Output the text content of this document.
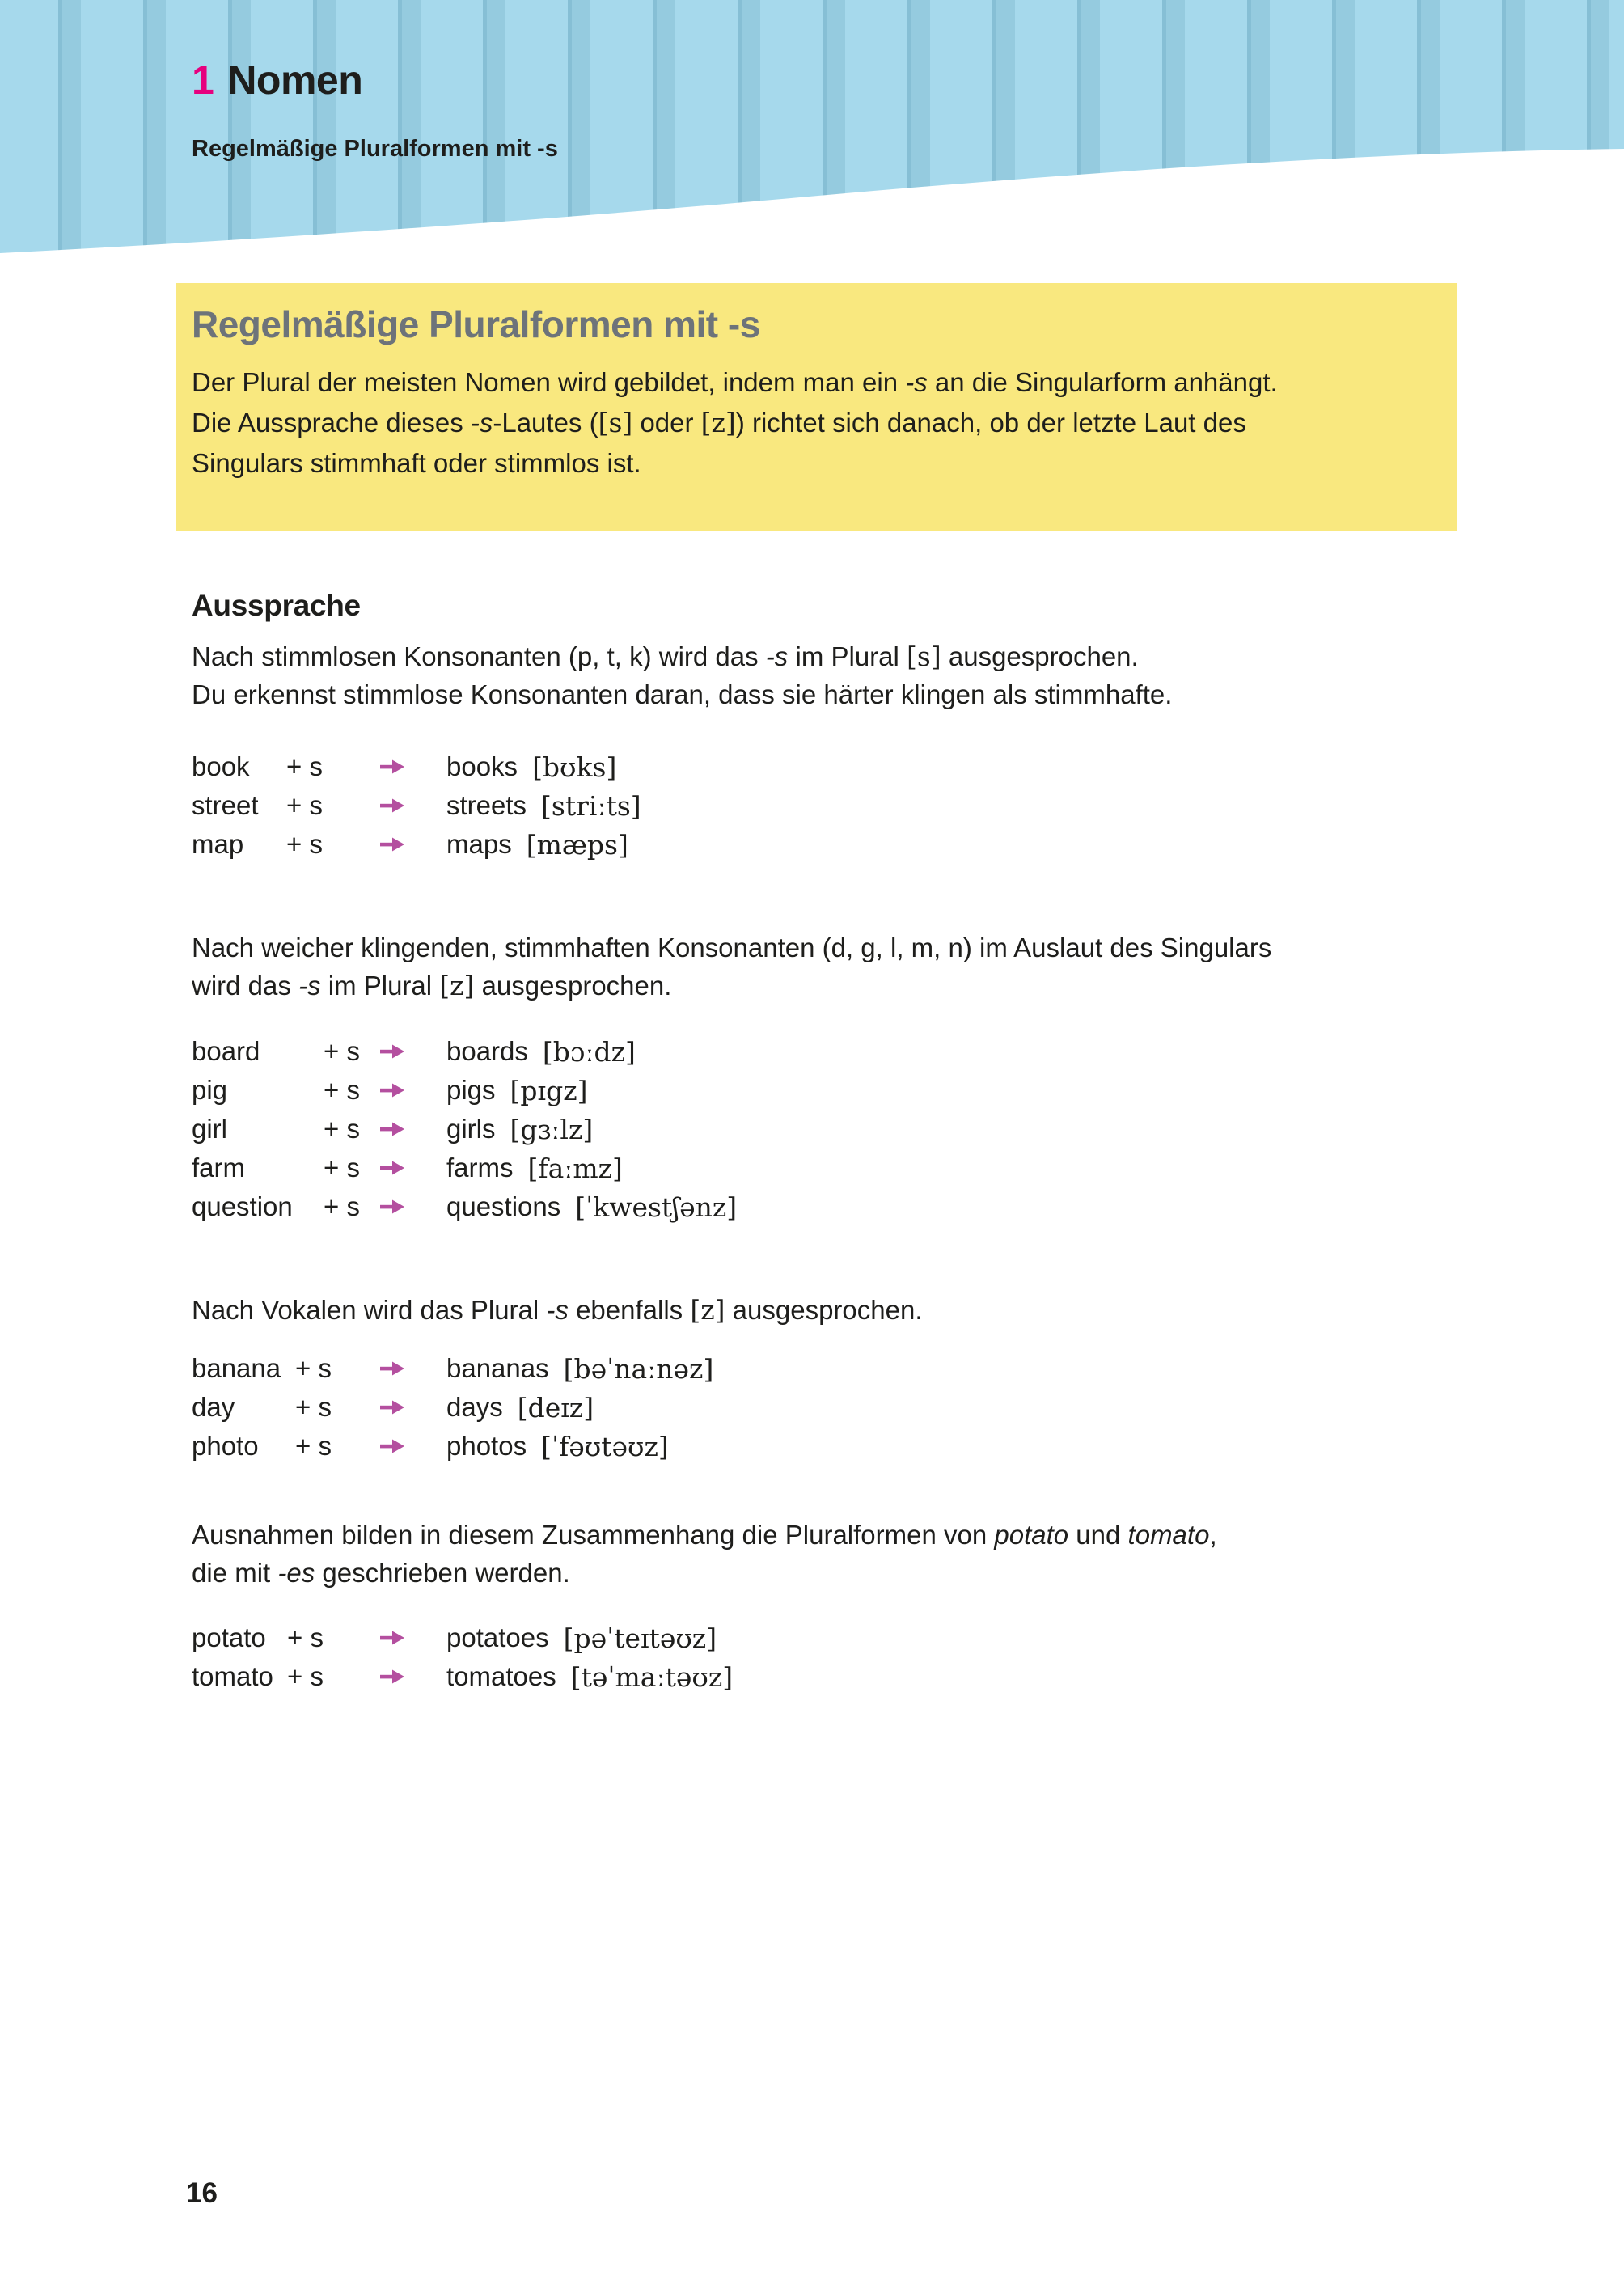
1 Nomen
Regelmäßige Pluralformen mit -s
Regelmäßige Pluralformen mit -s
Der Plural der meisten Nomen wird gebildet, indem man ein -s an die Singularform anhängt.
Die Aussprache dieses -s-Lautes ([s] oder [z]) richtet sich danach, ob der letzte Laut des
Singulars stimmhaft oder stimmlos ist.
Aussprache

Nach stimmlosen Konsonanten (p, t, k) wird das -s im Plural [s] ausgesprochen.
Du erkennst stimmlose Konsonanten daran, dass sie härter klingen als stimmhafte.

book	+ s	books [bʊks]
street	+ s	streets [striːts]
map	+ s	maps [mæps]

Nach weicher klingenden, stimmhaften Konsonanten (d, g, l, m, n) im Auslaut des Singulars
wird das -s im Plural [z] ausgesprochen.

board	+ s	boards [bɔːdz]
pig	+ s	pigs [pɪgz]
girl	+ s	girls [gɜːlz]
farm	+ s	farms [faːmz]
question	+ s	questions [ˈkwestʃənz]

Nach Vokalen wird das Plural -s ebenfalls [z] ausgesprochen.

banana + s	bananas [bəˈnaːnəz]
day	+ s	days [deɪz]
photo	+ s	photos [ˈfəʊtəʊz]

Ausnahmen bilden in diesem Zusammenhang die Pluralformen von potato und tomato,
die mit -es geschrieben werden.

potato + s	potatoes [pəˈteɪtəʊz]
tomato + s	tomatoes [təˈmaːtəʊz]
16
